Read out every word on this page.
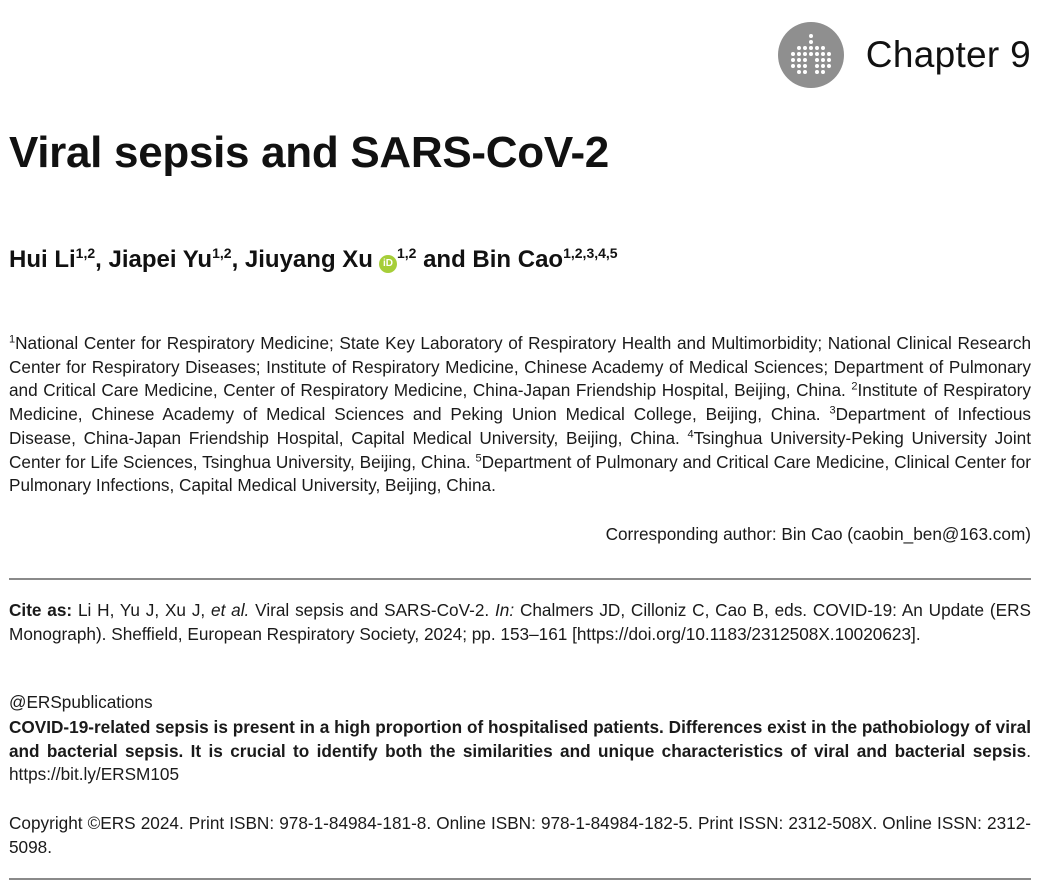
Chapter 9
Viral sepsis and SARS-CoV-2
Hui Li$^{1,2}$, Jiapei Yu$^{1,2}$, Jiuyang Xu iD$^{1,2}$ and Bin Cao$^{1,2,3,4,5}$

$^1$National Center for Respiratory Medicine; State Key Laboratory of Respiratory Health and Multimorbidity; National Clinical Research Center for Respiratory Diseases; Institute of Respiratory Medicine, Chinese Academy of Medical Sciences; Department of Pulmonary and Critical Care Medicine, Center of Respiratory Medicine, China-Japan Friendship Hospital, Beijing, China. $^2$Institute of Respiratory Medicine, Chinese Academy of Medical Sciences and Peking Union Medical College, Beijing, China. $^3$Department of Infectious Disease, China-Japan Friendship Hospital, Capital Medical University, Beijing, China. $^4$Tsinghua University-Peking University Joint Center for Life Sciences, Tsinghua University, Beijing, China. $^5$Department of Pulmonary and Critical Care Medicine, Clinical Center for Pulmonary Infections, Capital Medical University, Beijing, China.

Corresponding author: Bin Cao (caobin_ben@163.com)

Cite as: Li H, Yu J, Xu J, et al. Viral sepsis and SARS-CoV-2. In: Chalmers JD, Cilloniz C, Cao B, eds. COVID-19: An Update (ERS Monograph). Sheffield, European Respiratory Society, 2024; pp. 153–161 [https://doi.org/10.1183/2312508X.10020623].

@ERSpublications

COVID-19-related sepsis is present in a high proportion of hospitalised patients. Differences exist in the pathobiology of viral and bacterial sepsis. It is crucial to identify both the similarities and unique characteristics of viral and bacterial sepsis. https://bit.ly/ERSM105

Copyright ©ERS 2024. Print ISBN: 978-1-84984-181-8. Online ISBN: 978-1-84984-182-5. Print ISSN: 2312-508X. Online ISSN: 2312-5098.
